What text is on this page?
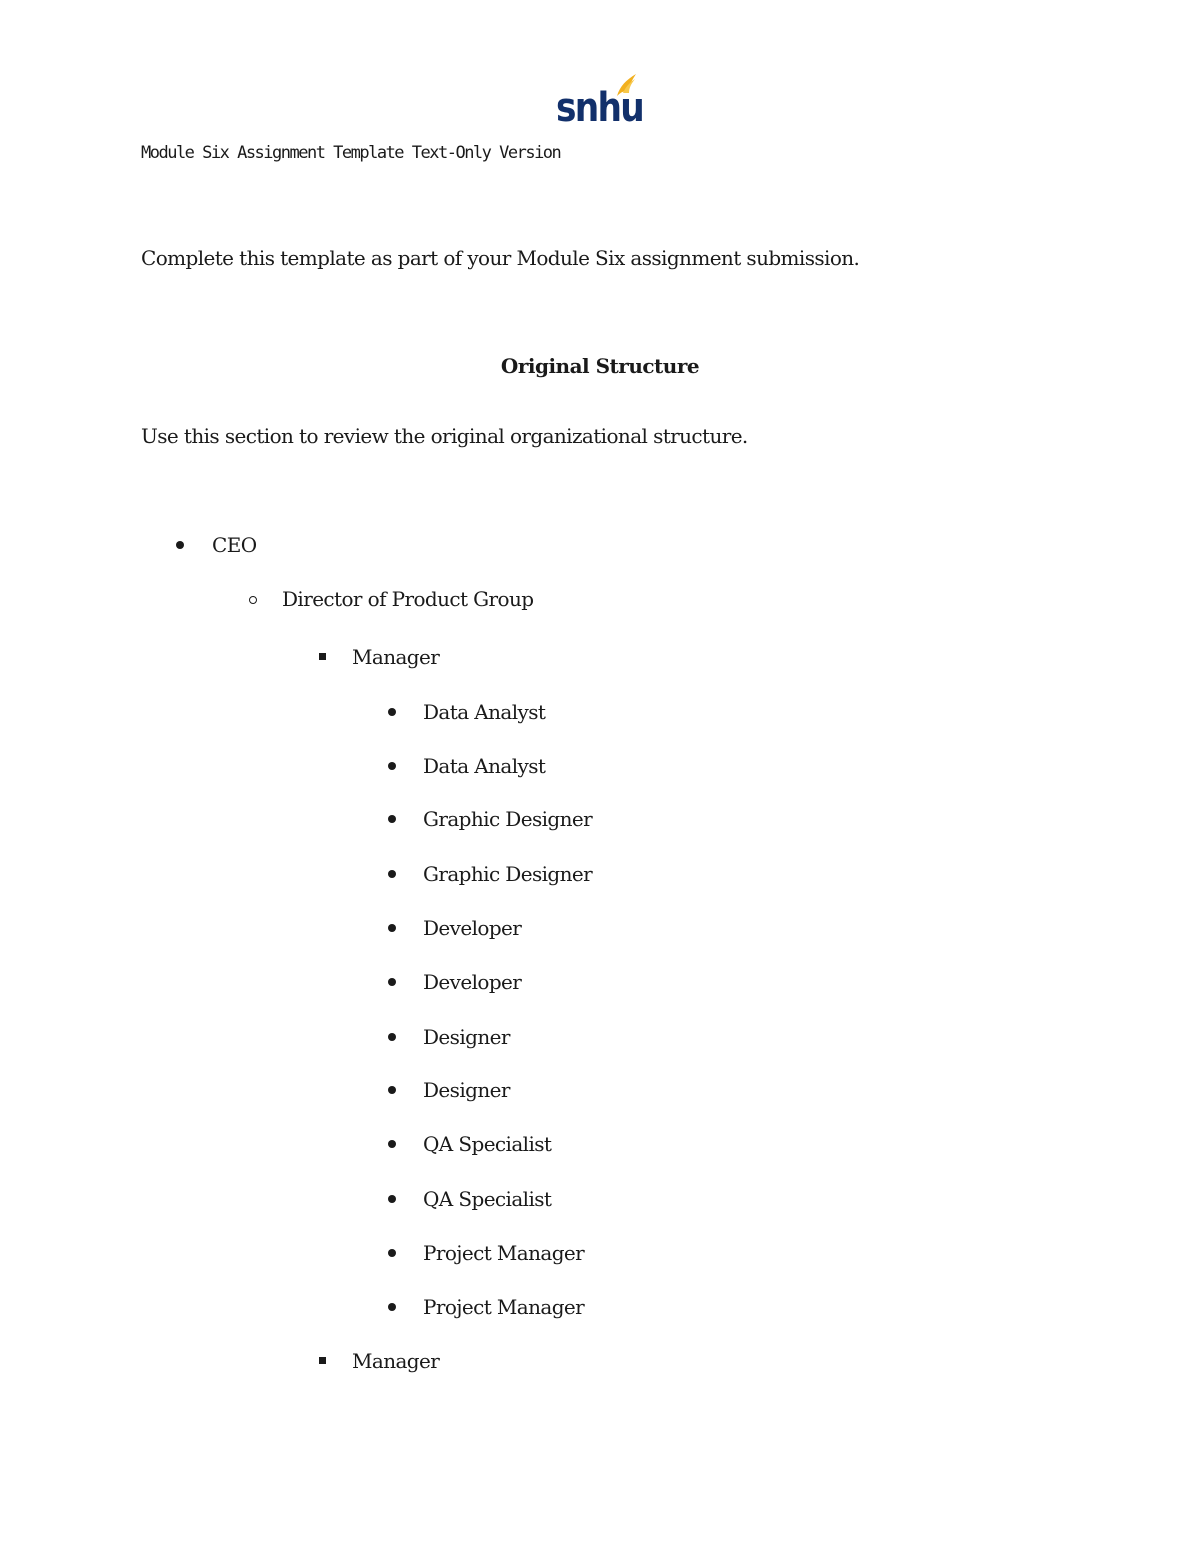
snhu
Module Six Assignment Template Text-Only Version
Complete this template as part of your Module Six assignment submission.
Original Structure
Use this section to review the original organizational structure.
CEO
Director of Product Group
Manager
Data Analyst
Data Analyst
Graphic Designer
Graphic Designer
Developer
Developer
Designer
Designer
QA Specialist
QA Specialist
Project Manager
Project Manager
Manager
